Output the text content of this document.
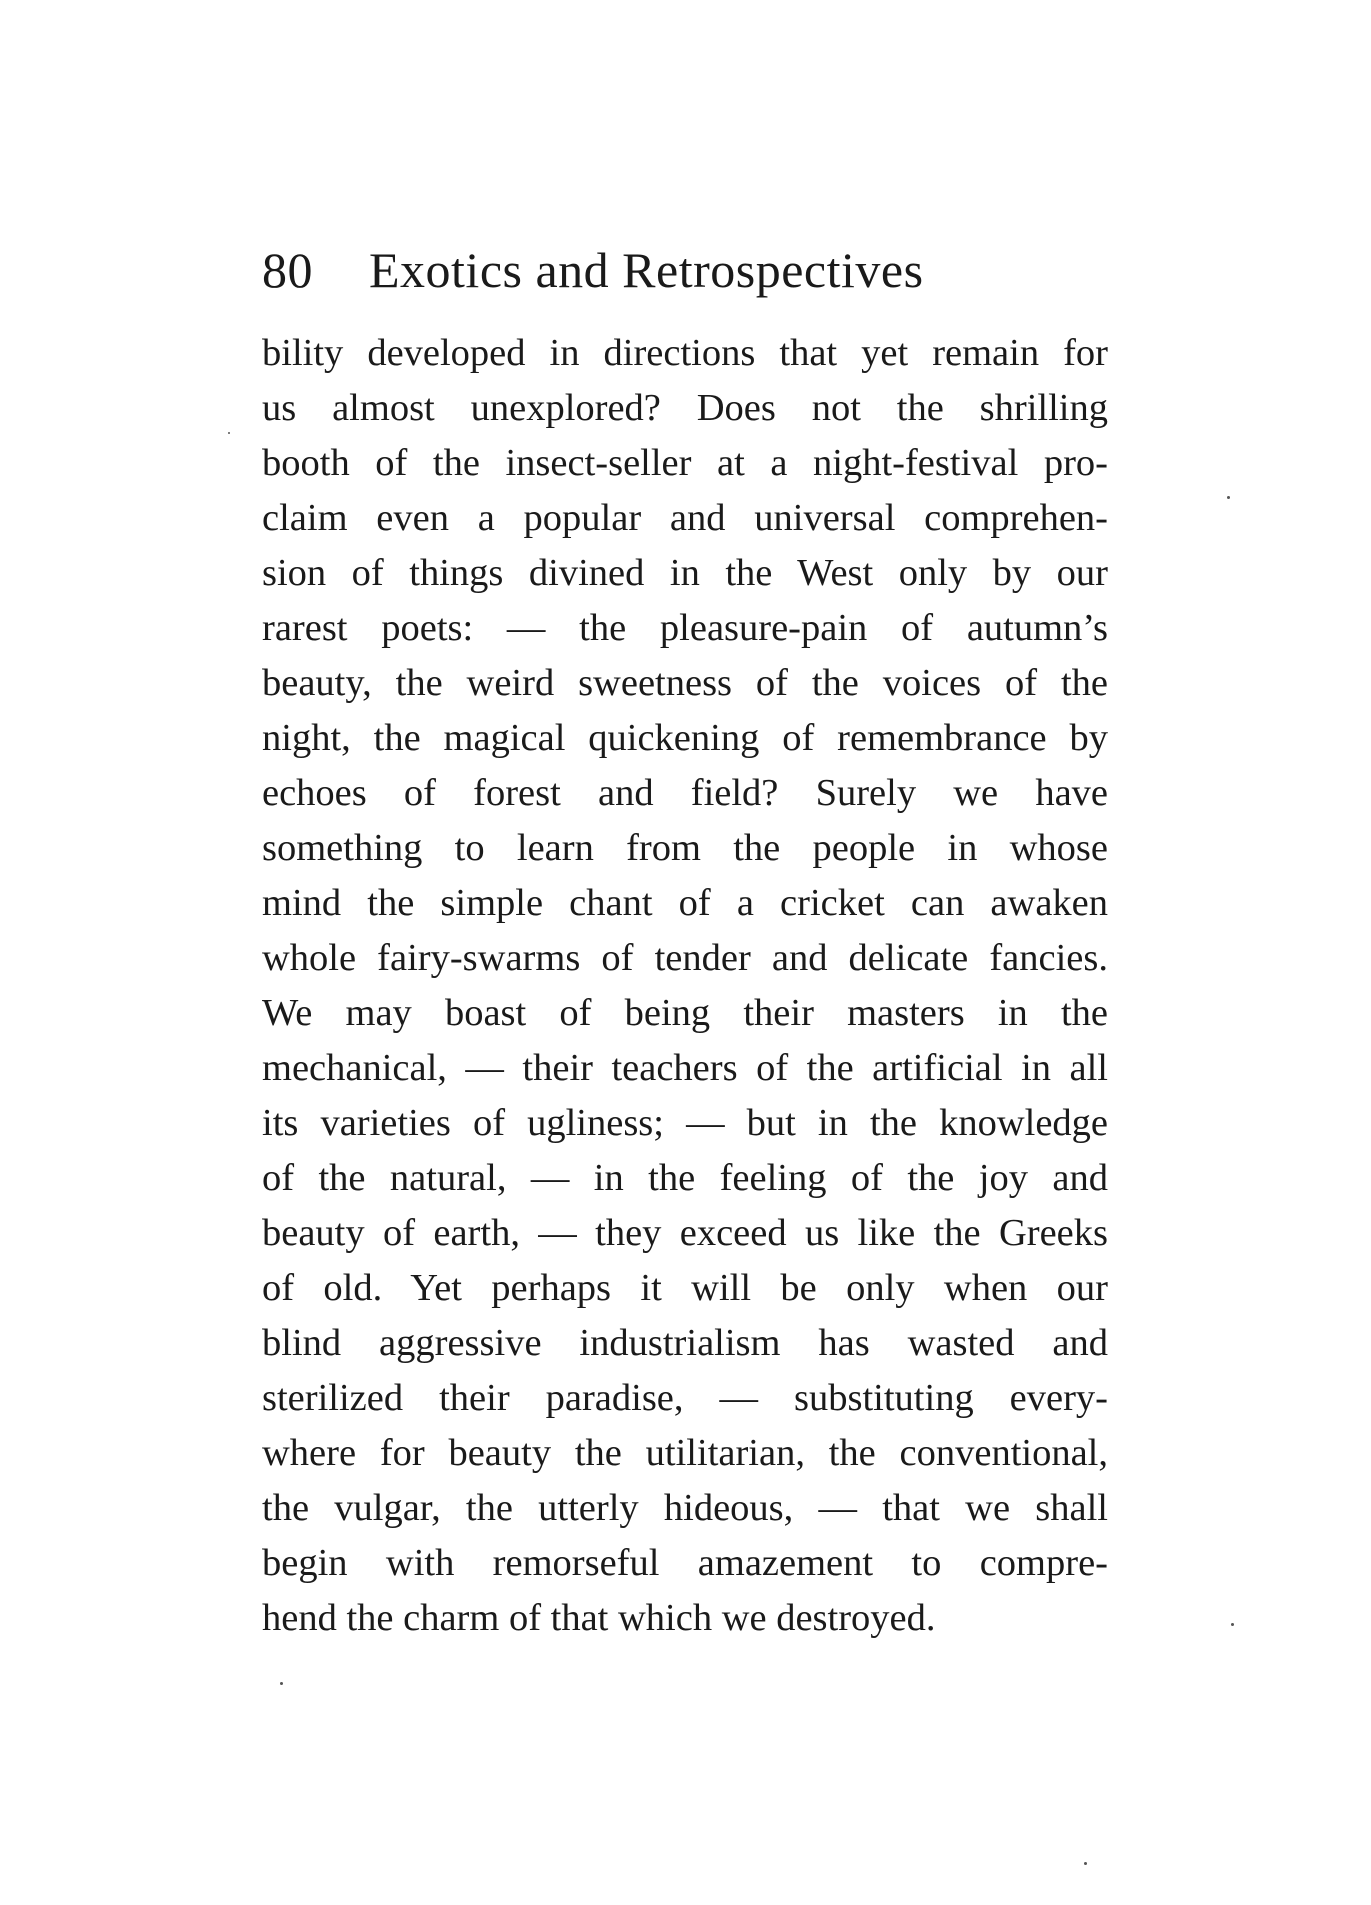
80 Exotics and Retrospectives
bility developed in directions that yet remain for
us almost unexplored? Does not the shrilling
booth of the insect-seller at a night-festival pro-
claim even a popular and universal comprehen-
sion of things divined in the West only by our
rarest poets: — the pleasure-pain of autumn’s
beauty, the weird sweetness of the voices of the
night, the magical quickening of remembrance by
echoes of forest and field? Surely we have
something to learn from the people in whose
mind the simple chant of a cricket can awaken
whole fairy-swarms of tender and delicate fancies.
We may boast of being their masters in the
mechanical, — their teachers of the artificial in all
its varieties of ugliness; — but in the knowledge
of the natural, — in the feeling of the joy and
beauty of earth, — they exceed us like the Greeks
of old. Yet perhaps it will be only when our
blind aggressive industrialism has wasted and
sterilized their paradise, — substituting every-
where for beauty the utilitarian, the conventional,
the vulgar, the utterly hideous, — that we shall
begin with remorseful amazement to compre-
hend the charm of that which we destroyed.
